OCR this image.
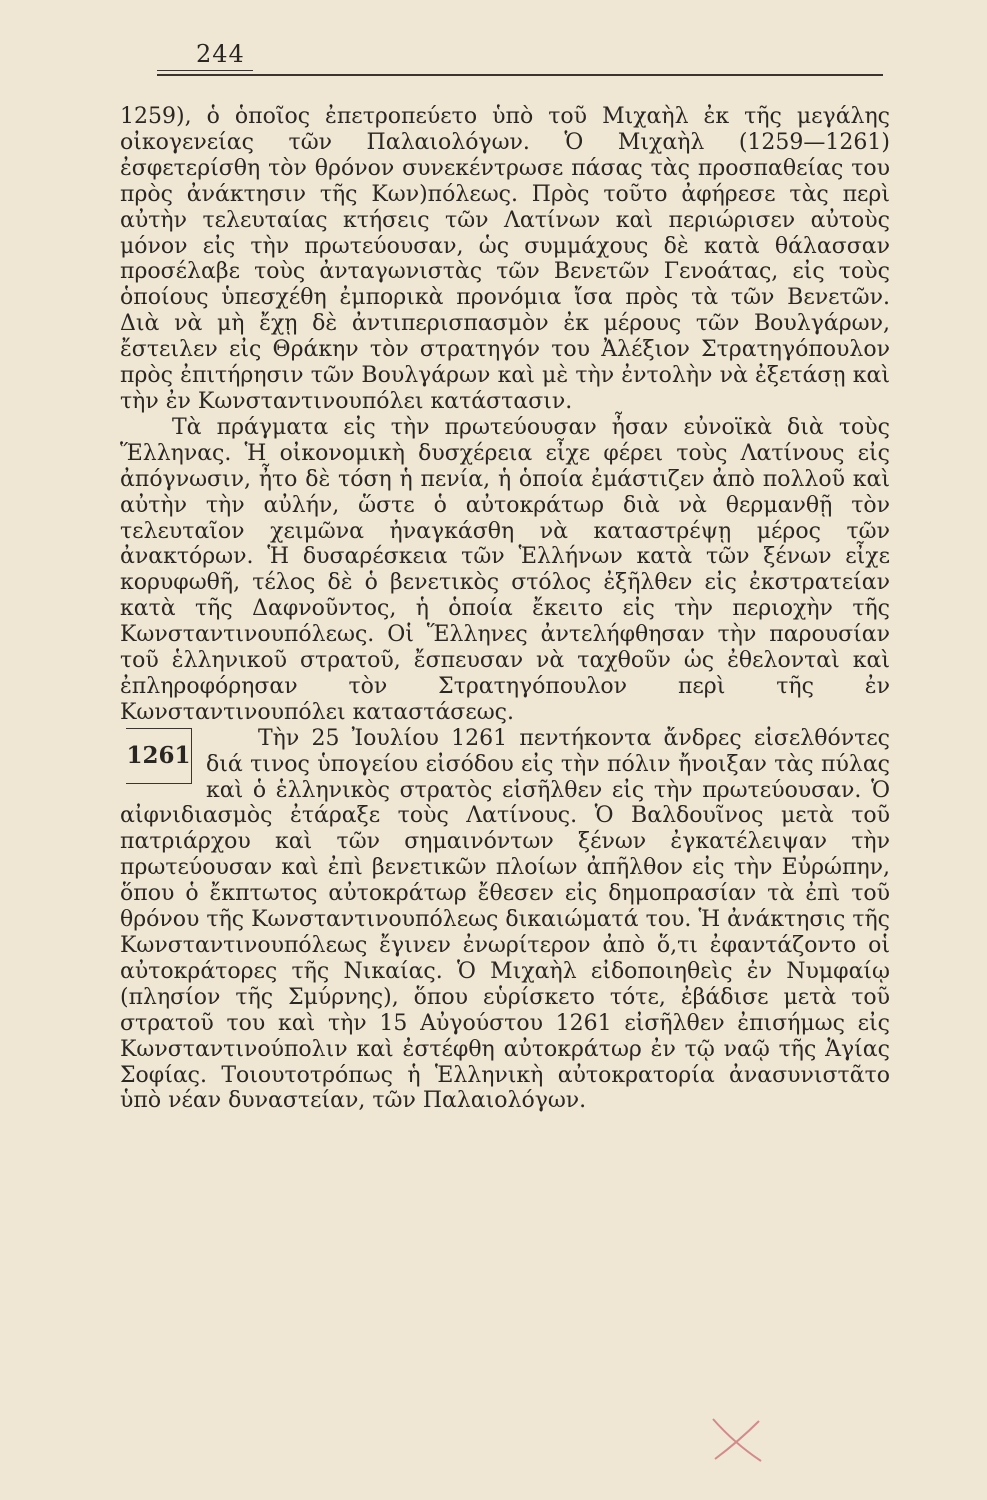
244

1259), ὁ ὁποῖος ἐπετροπεύετο ὑπὸ τοῦ Μιχαὴλ ἐκ τῆς μεγάλης οἰκογενείας τῶν Παλαιολόγων. Ὁ Μιχαὴλ (1259—1261) ἐσφετερίσθη τὸν θρόνον συνεκέντρωσε πάσας τὰς προσπαθείας του πρὸς ἀνάκτησιν τῆς Κων)πόλεως. Πρὸς τοῦτο ἀφήρεσε τὰς περὶ αὐτὴν τελευταίας κτήσεις τῶν Λατίνων καὶ περιώρισεν αὐτοὺς μόνον εἰς τὴν πρωτεύουσαν, ὡς συμμάχους δὲ κατὰ θάλασσαν προσέλαβε τοὺς ἀνταγωνιστὰς τῶν Βενετῶν Γενοάτας, εἰς τοὺς ὁποίους ὑπεσχέθη ἐμπορικὰ προνόμια ἴσα πρὸς τὰ τῶν Βενετῶν. Διὰ νὰ μὴ ἔχῃ δὲ ἀντιπερισπασμὸν ἐκ μέρους τῶν Βουλγάρων, ἔστειλεν εἰς Θράκην τὸν στρατηγόν του Ἀλέξιον Στρατηγόπουλον πρὸς ἐπιτήρησιν τῶν Βουλγάρων καὶ μὲ τὴν ἐντολὴν νὰ ἐξετάσῃ καὶ τὴν ἐν Κωνσταντινουπόλει κατάστασιν.

Τὰ πράγματα εἰς τὴν πρωτεύουσαν ἦσαν εὐνοϊκὰ διὰ τοὺς Ἕλληνας. Ἡ οἰκονομικὴ δυσχέρεια εἶχε φέρει τοὺς Λατίνους εἰς ἀπόγνωσιν, ἦτο δὲ τόση ἡ πενία, ἡ ὁποία ἐμάστιζεν ἀπὸ πολλοῦ καὶ αὐτὴν τὴν αὐλήν, ὥστε ὁ αὐτοκράτωρ διὰ νὰ θερμανθῇ τὸν τελευταῖον χειμῶνα ἠναγκάσθη νὰ καταστρέψῃ μέρος τῶν ἀνακτόρων. Ἡ δυσαρέσκεια τῶν Ἑλλήνων κατὰ τῶν ξένων εἶχε κορυφωθῆ, τέλος δὲ ὁ βενετικὸς στόλος ἐξῆλθεν εἰς ἐκστρατείαν κατὰ τῆς Δαφνοῦντος, ἡ ὁποία ἔκειτο εἰς τὴν περιοχὴν τῆς Κωνσταντινουπόλεως. Οἱ Ἕλληνες ἀντελήφθησαν τὴν παρουσίαν τοῦ ἑλληνικοῦ στρατοῦ, ἔσπευσαν νὰ ταχθοῦν ὡς ἐθελονταὶ καὶ ἐπληροφόρησαν τὸν Στρατηγόπουλον περὶ τῆς ἐν Κωνσταντινουπόλει καταστάσεως.

1261

Τὴν 25 Ἰουλίου 1261 πεντήκοντα ἄνδρες εἰσελθόντες διά τινος ὑπογείου εἰσόδου εἰς τὴν πόλιν ἤνοιξαν τὰς πύλας καὶ ὁ ἑλληνικὸς στρατὸς εἰσῆλθεν εἰς τὴν πρωτεύουσαν. Ὁ αἰφνιδιασμὸς ἐτάραξε τοὺς Λατίνους. Ὁ Βαλδουῖνος μετὰ τοῦ πατριάρχου καὶ τῶν σημαινόντων ξένων ἐγκατέλειψαν τὴν πρωτεύουσαν καὶ ἐπὶ βενετικῶν πλοίων ἀπῆλθον εἰς τὴν Εὐρώπην, ὅπου ὁ ἔκπτωτος αὐτοκράτωρ ἔθεσεν εἰς δημοπρασίαν τὰ ἐπὶ τοῦ θρόνου τῆς Κωνσταντινουπόλεως δικαιώματά του. Ἡ ἀνάκτησις τῆς Κωνσταντινουπόλεως ἔγινεν ἐνωρίτερον ἀπὸ ὅ,τι ἐφαντάζοντο οἱ αὐτοκράτορες τῆς Νικαίας. Ὁ Μιχαὴλ εἰδοποιηθεὶς ἐν Νυμφαίῳ (πλησίον τῆς Σμύρνης), ὅπου εὑρίσκετο τότε, ἐβάδισε μετὰ τοῦ στρατοῦ του καὶ τὴν 15 Αὐγούστου 1261 εἰσῆλθεν ἐπισήμως εἰς Κωνσταντινούπολιν καὶ ἐστέφθη αὐτοκράτωρ ἐν τῷ ναῷ τῆς Ἁγίας Σοφίας. Τοιουτοτρόπως ἡ Ἑλληνικὴ αὐτοκρατορία ἀνασυνιστᾶτο ὑπὸ νέαν δυναστείαν, τῶν Παλαιολόγων.
